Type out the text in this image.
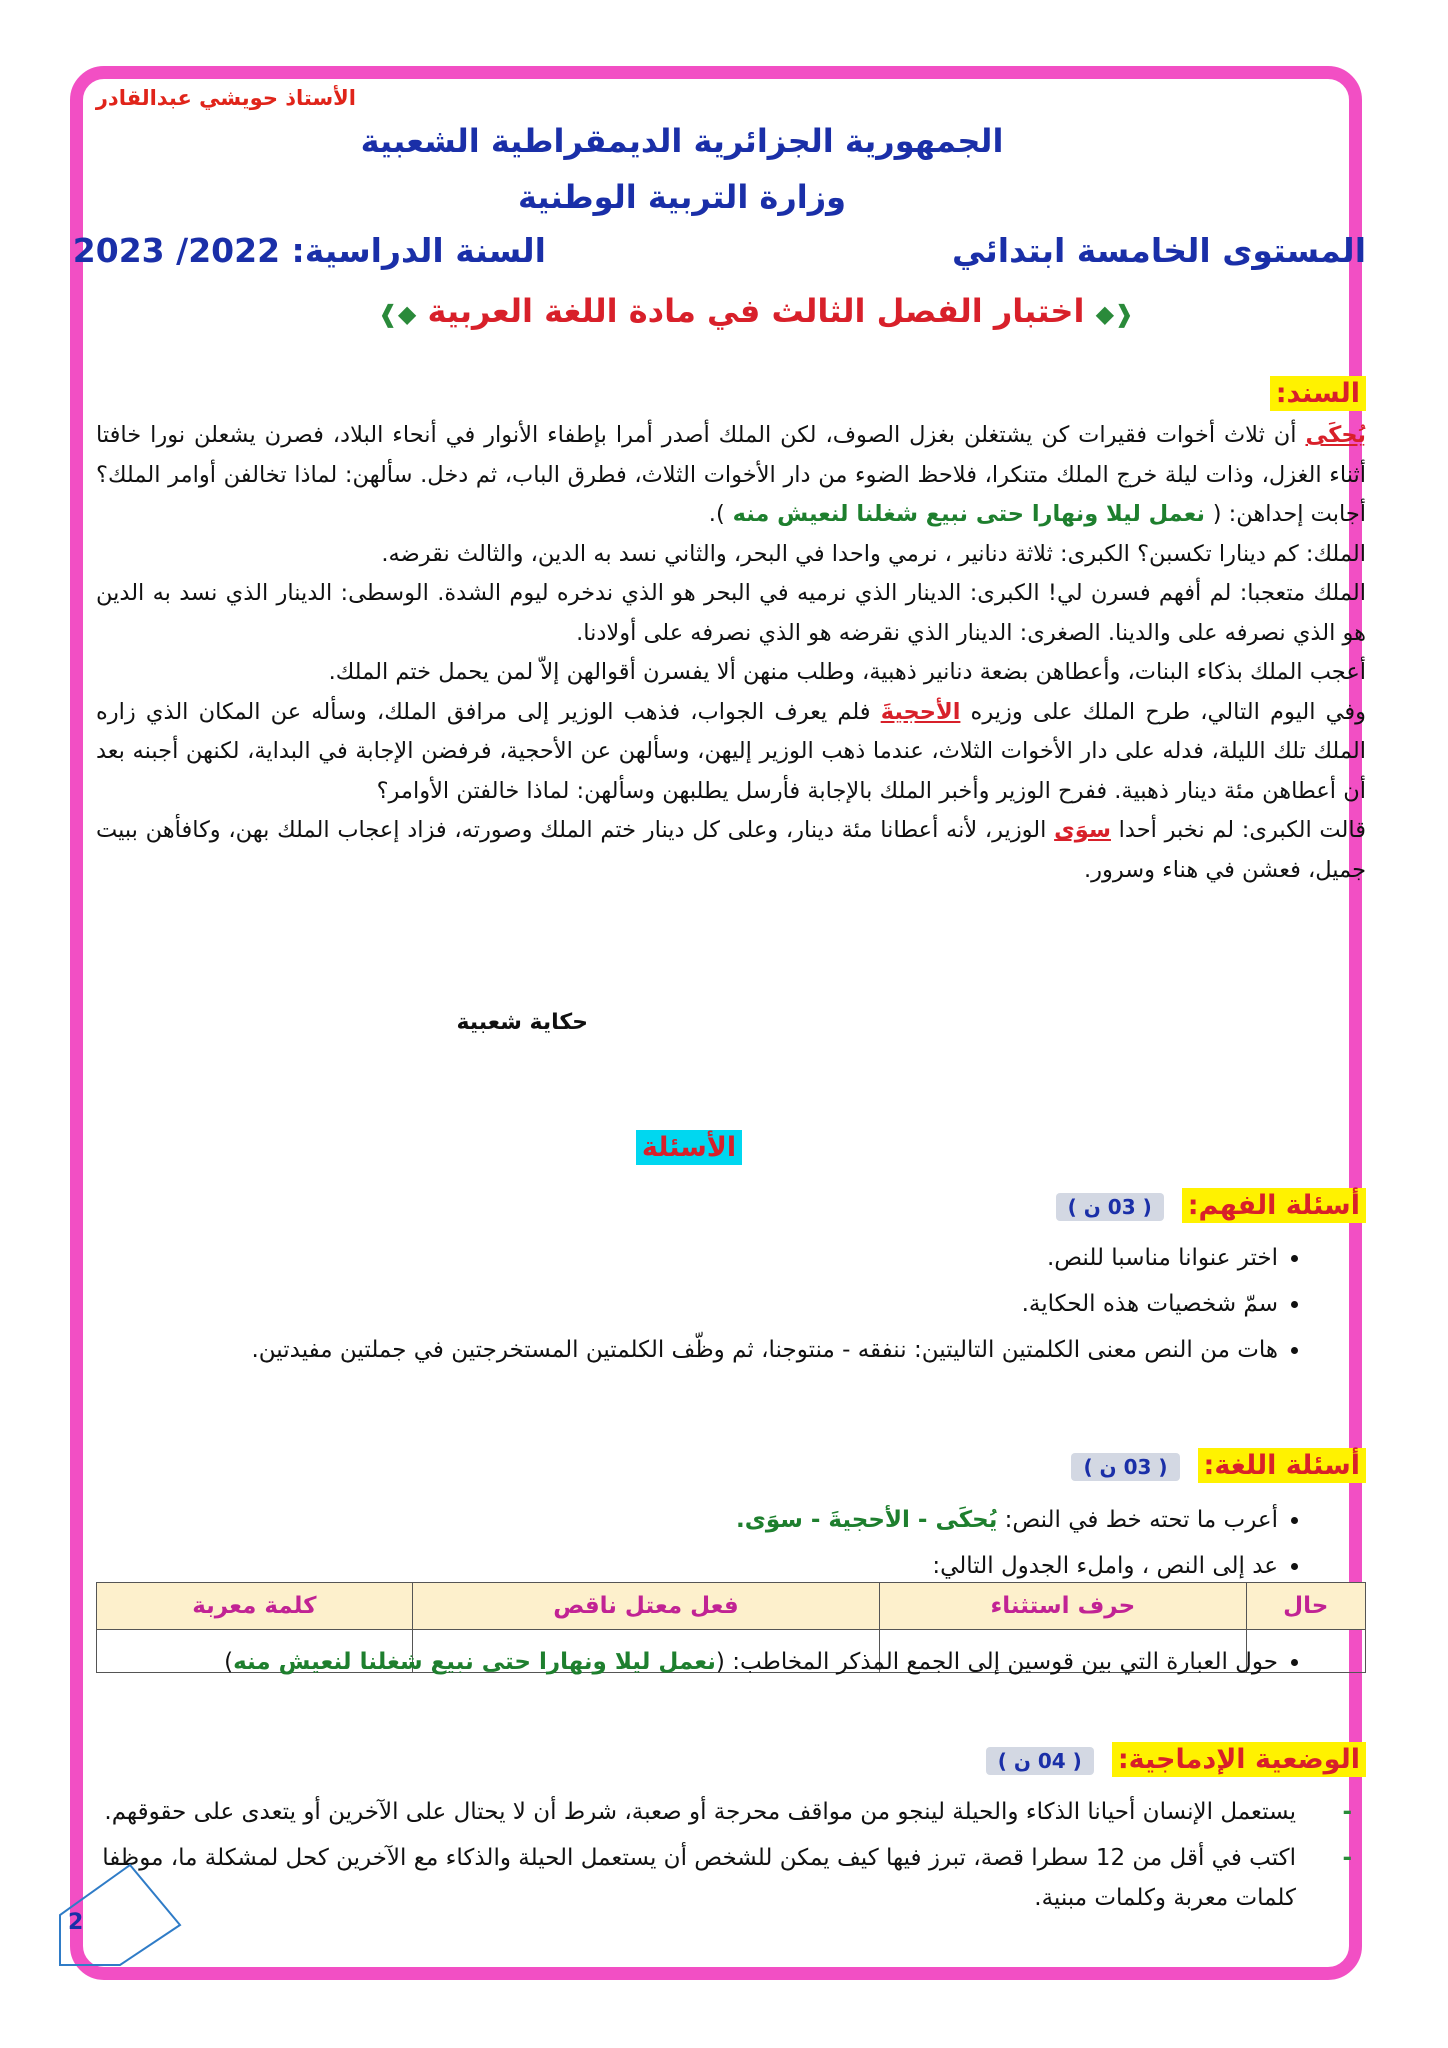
الأستاذ حويشي عبدالقادر
الجمهورية الجزائرية الديمقراطية الشعبية
وزارة التربية الوطنية
المستوى الخامسة ابتدائي
السنة الدراسية: 2022/ 2023
❰◆ اختبار الفصل الثالث في مادة اللغة العربية ◆❱
السند:

يُحكَى أن ثلاث أخوات فقيرات كن يشتغلن بغزل الصوف، لكن الملك أصدر أمرا بإطفاء الأنوار في أنحاء البلاد، فصرن يشعلن نورا خافتا أثناء الغزل، وذات ليلة خرج الملك متنكرا، فلاحظ الضوء من دار الأخوات الثلاث، فطرق الباب، ثم دخل. سألهن: لماذا تخالفن أوامر الملك؟ أجابت إحداهن: ( نعمل ليلا ونهارا حتى نبيع شغلنا لنعيش منه ).

الملك: كم دينارا تكسبن؟ الكبرى: ثلاثة دنانير ، نرمي واحدا في البحر، والثاني نسد به الدين، والثالث نقرضه.

الملك متعجبا: لم أفهم فسرن لي! الكبرى: الدينار الذي نرميه في البحر هو الذي ندخره ليوم الشدة. الوسطى: الدينار الذي نسد به الدين هو الذي نصرفه على والدينا. الصغرى: الدينار الذي نقرضه هو الذي نصرفه على أولادنا.

أعجب الملك بذكاء البنات، وأعطاهن بضعة دنانير ذهبية، وطلب منهن ألا يفسرن أقوالهن إلاّ لمن يحمل ختم الملك.

وفي اليوم التالي، طرح الملك على وزيره الأحجيةَ فلم يعرف الجواب، فذهب الوزير إلى مرافق الملك، وسأله عن المكان الذي زاره الملك تلك الليلة، فدله على دار الأخوات الثلاث، عندما ذهب الوزير إليهن، وسألهن عن الأحجية، فرفضن الإجابة في البداية، لكنهن أجبنه بعد أن أعطاهن مئة دينار ذهبية. ففرح الوزير وأخبر الملك بالإجابة فأرسل يطلبهن وسألهن: لماذا خالفتن الأوامر؟

قالت الكبرى: لم نخبر أحدا سوَى الوزير، لأنه أعطانا مئة دينار، وعلى كل دينار ختم الملك وصورته، فزاد إعجاب الملك بهن، وكافأهن ببيت جميل، فعشن في هناء وسرور.

حكاية شعبية
الأسئلة
أسئلة الفهم:( 03 ن )
• اختر عنوانا مناسبا للنص.
• سمّ شخصيات هذه الحكاية.
• هات من النص معنى الكلمتين التاليتين: ننفقه - منتوجنا، ثم وظّف الكلمتين المستخرجتين في جملتين مفيدتين.
أسئلة اللغة:( 03 ن )
• أعرب ما تحته خط في النص: يُحكَى - الأحجيةَ - سوَى.
• عد إلى النص ، واملء الجدول التالي:
حال	حرف استثناء	فعل معتل ناقص	كلمة معربة

• حول العبارة التي بين قوسين إلى الجمع المذكر المخاطب: (نعمل ليلا ونهارا حتى نبيع شغلنا لنعيش منه)
الوضعية الإدماجية:( 04 ن )
- يستعمل الإنسان أحيانا الذكاء والحيلة لينجو من مواقف محرجة أو صعبة، شرط أن لا يحتال على الآخرين أو يتعدى على حقوقهم.
- اكتب في أقل من 12 سطرا قصة، تبرز فيها كيف يمكن للشخص أن يستعمل الحيلة والذكاء مع الآخرين كحل لمشكلة ما، موظفا كلمات معربة وكلمات مبنية.
2
